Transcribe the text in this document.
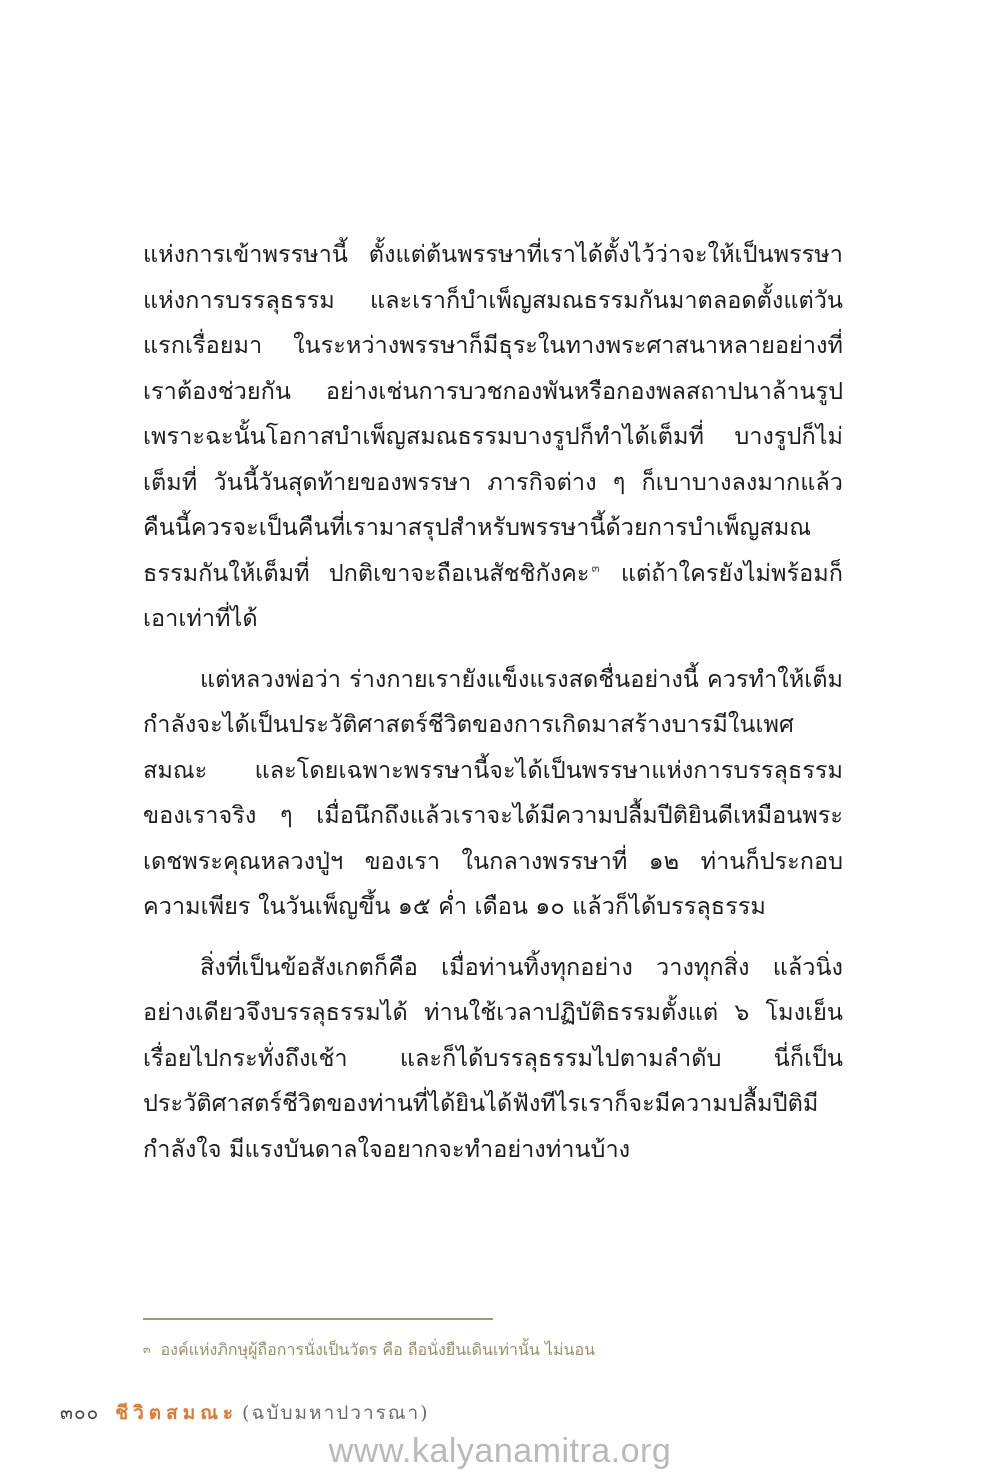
แห่งการเข้าพรรษานี้ ตั้งแต่ต้นพรรษาที่เราได้ตั้งไว้ว่าจะให้เป็นพรรษาแห่งการบรรลุธรรม และเราก็บำเพ็ญสมณธรรมกันมาตลอดตั้งแต่วันแรกเรื่อยมา ในระหว่างพรรษาก็มีธุระในทางพระศาสนาหลายอย่างที่เราต้องช่วยกัน อย่างเช่นการบวชกองพันหรือกองพลสถาปนาล้านรูป เพราะฉะนั้นโอกาสบำเพ็ญสมณธรรมบางรูปก็ทำได้เต็มที่ บางรูปก็ไม่เต็มที่ วันนี้วันสุดท้ายของพรรษา ภารกิจต่าง ๆ ก็เบาบางลงมากแล้ว คืนนี้ควรจะเป็นคืนที่เรามาสรุปสำหรับพรรษานี้ด้วยการบำเพ็ญสมณธรรมกันให้เต็มที่ ปกติเขาจะถือเนสัชชิกังคะ $^๓$ แต่ถ้าใครยังไม่พร้อมก็เอาเท่าที่ได้

แต่หลวงพ่อว่า ร่างกายเรายังแข็งแรงสดชื่นอย่างนี้ ควรทำให้เต็มกำลังจะได้เป็นประวัติศาสตร์ชีวิตของการเกิดมาสร้างบารมีในเพศสมณะ และโดยเฉพาะพรรษานี้จะได้เป็นพรรษาแห่งการบรรลุธรรมของเราจริง ๆ เมื่อนึกถึงแล้วเราจะได้มีความปลื้มปีติยินดีเหมือนพระเดชพระคุณหลวงปู่ฯ ของเรา ในกลางพรรษาที่ ๑๒ ท่านก็ประกอบความเพียร ในวันเพ็ญขึ้น ๑๕ ค่ำ เดือน ๑๐ แล้วก็ได้บรรลุธรรม

สิ่งที่เป็นข้อสังเกตก็คือ เมื่อท่านทิ้งทุกอย่าง วางทุกสิ่ง แล้วนิ่งอย่างเดียวจึงบรรลุธรรมได้ ท่านใช้เวลาปฏิบัติธรรมตั้งแต่ ๖ โมงเย็นเรื่อยไปกระทั่งถึงเช้า และก็ได้บรรลุธรรมไปตามลำดับ นี่ก็เป็นประวัติศาสตร์ชีวิตของท่านที่ได้ยินได้ฟังทีไรเราก็จะมีความปลื้มปีติมีกำลังใจ มีแรงบันดาลใจอยากจะทำอย่างท่านบ้าง

$^๓$ องค์แห่งภิกษุผู้ถือการนั่งเป็นวัตร คือ ถือนั่งยืนเดินเท่านั้น ไม่นอน
๓๐๐ ชีวิตสมณะ (ฉบับมหาปวารณา)
www.kalyanamitra.org
